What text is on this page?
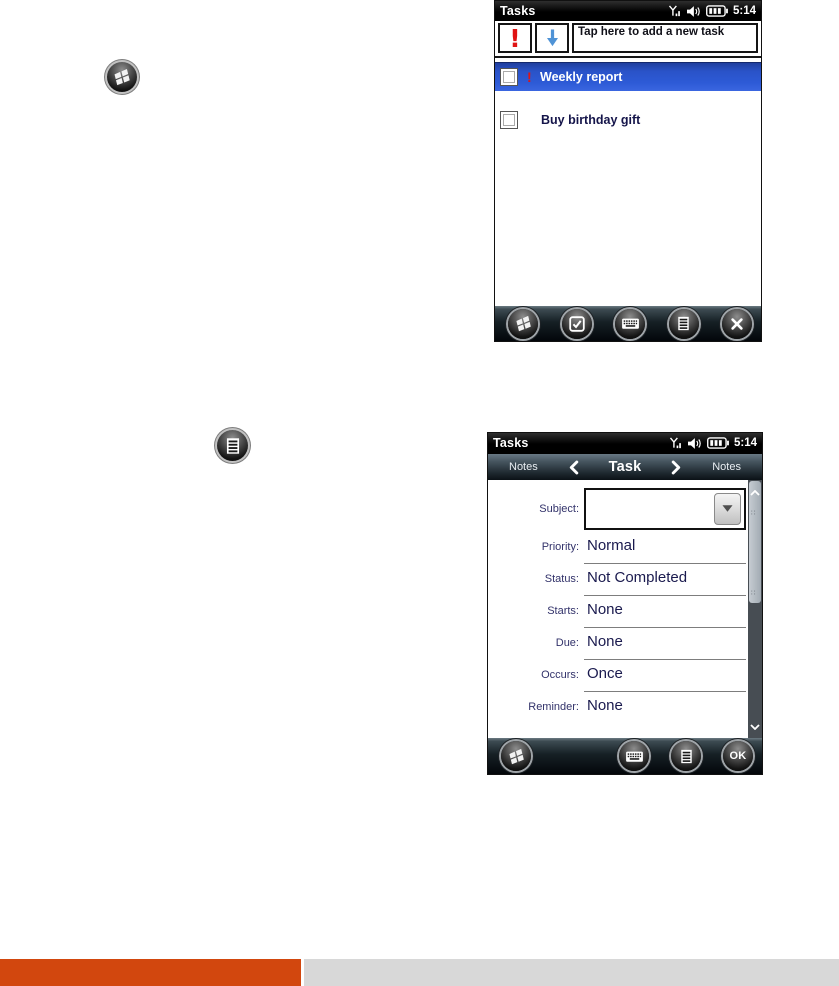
Tasks	5:14
!	Tap here to add a new task
! Weekly report
Buy birthday gift
Tasks	5:14
Notes	Task	Notes
Subject:
Priority: Normal
Status: Not Completed
Starts: None
Due: None
Occurs: Once
Reminder: None
∷
∷
OK
